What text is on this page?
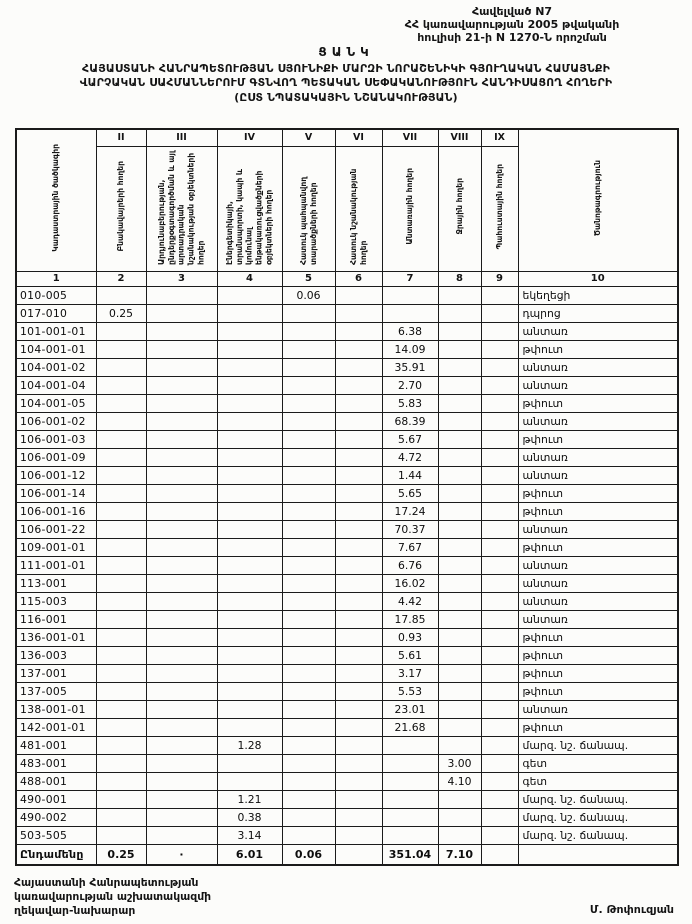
Հավելված N7
ՀՀ կառավարության 2005 թվականի
հուլիսի 21-ի N 1270-Ն որոշման
ՑԱՆԿ
ՀԱՅԱՍՏԱՆԻ ՀԱՆՐԱՊԵՏՈՒԹՅԱՆ ՍՅՈՒՆԻՔԻ ՄԱՐԶԻ ՆՈՐԱՇԵՆԻԿԻ ԳՅՈՒՂԱԿԱՆ ՀԱՄԱՅՆՔԻ
ՎԱՐՉԱԿԱՆ ՍԱՀՄԱՆՆԵՐՈՒՄ ԳՏՆՎՈՂ ՊԵՏԱԿԱՆ ՍԵՓԱԿԱՆՈՒԹՅՈՒՆ ՀԱՆԴԻՍԱՑՈՂ ՀՈՂԵՐԻ
(ԸՍՏ ՆՊԱՏԱԿԱՅԻՆ ՆՇԱՆԱԿՈՒԹՅԱՆ)
Կադաստրային ծածկագիր	II	III	IV	V	VI	VII	VIII	IX	Ծանոթագրություն
	Բնակավայրերի հողեր	Արդյունաբերության, ընդերքօգտագործման և այլ արտադրական նշանակության օբյեկտների հողեր	Էներգետիկայի, տրանսպորտի, կապի և կոմունալ ենթակառուցվածքների օբյեկտների հողեր	Հատուկ պահպանվող տարածքների հողեր	Հատուկ նշանակության հողեր	Անտառային հողեր	Ջրային հողեր	Պահուստային հողեր	
1	2	3	4	5	6	7	8	9	10
010-005				0.06					եկեղեցի
017-010	0.25								դպրոց
101-001-01						6.38			անտառ
104-001-01						14.09			թփուտ
104-001-02						35.91			անտառ
104-001-04						2.70			անտառ
104-001-05						5.83			թփուտ
106-001-02						68.39			անտառ
106-001-03						5.67			թփուտ
106-001-09						4.72			անտառ
106-001-12						1.44			անտառ
106-001-14						5.65			թփուտ
106-001-16						17.24			թփուտ
106-001-22						70.37			անտառ
109-001-01						7.67			թփուտ
111-001-01						6.76			անտառ
113-001						16.02			անտառ
115-003						4.42			անտառ
116-001						17.85			անտառ
136-001-01						0.93			թփուտ
136-003						5.61			թփուտ
137-001						3.17			թփուտ
137-005						5.53			թփուտ
138-001-01						23.01			անտառ
142-001-01						21.68			թփուտ
481-001			1.28						մարզ. նշ. ճանապ.
483-001							3.00		գետ
488-001							4.10		գետ
490-001			1.21						մարզ. նշ. ճանապ.
490-002			0.38						մարզ. նշ. ճանապ.
503-505			3.14						մարզ. նշ. ճանապ.
Ընդամենը	0.25	·	6.01	0.06		351.04	7.10		
Հայաստանի Հանրապետության
կառավարության աշխատակազմի
ղեկավար-նախարար	Մ. Թոփուզյան
